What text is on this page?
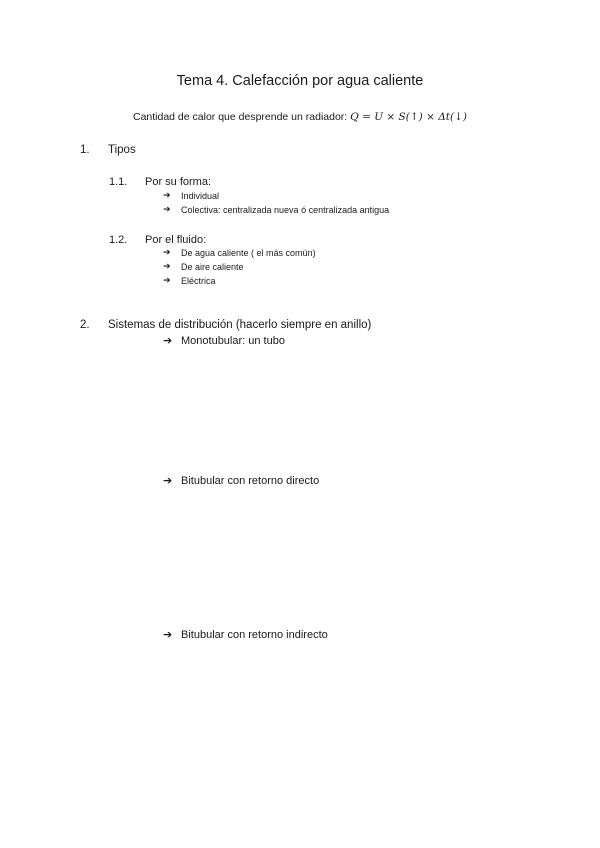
Tema 4. Calefacción por agua caliente
Cantidad de calor que desprende un radiador: Q = U × S(↑) × Δt(↓)
1. Tipos
1.1. Por su forma:
➔	Individual
➔	Colectiva: centralizada nueva ó centralizada antigua
1.2. Por el fluido:
➔	De agua caliente ( el más común)
➔	De aire caliente
➔	Eléctrica
2. Sistemas de distribución (hacerlo siempre en anillo)
➔ Monotubular: un tubo
➔ Bitubular con retorno directo
➔ Bitubular con retorno indirecto
